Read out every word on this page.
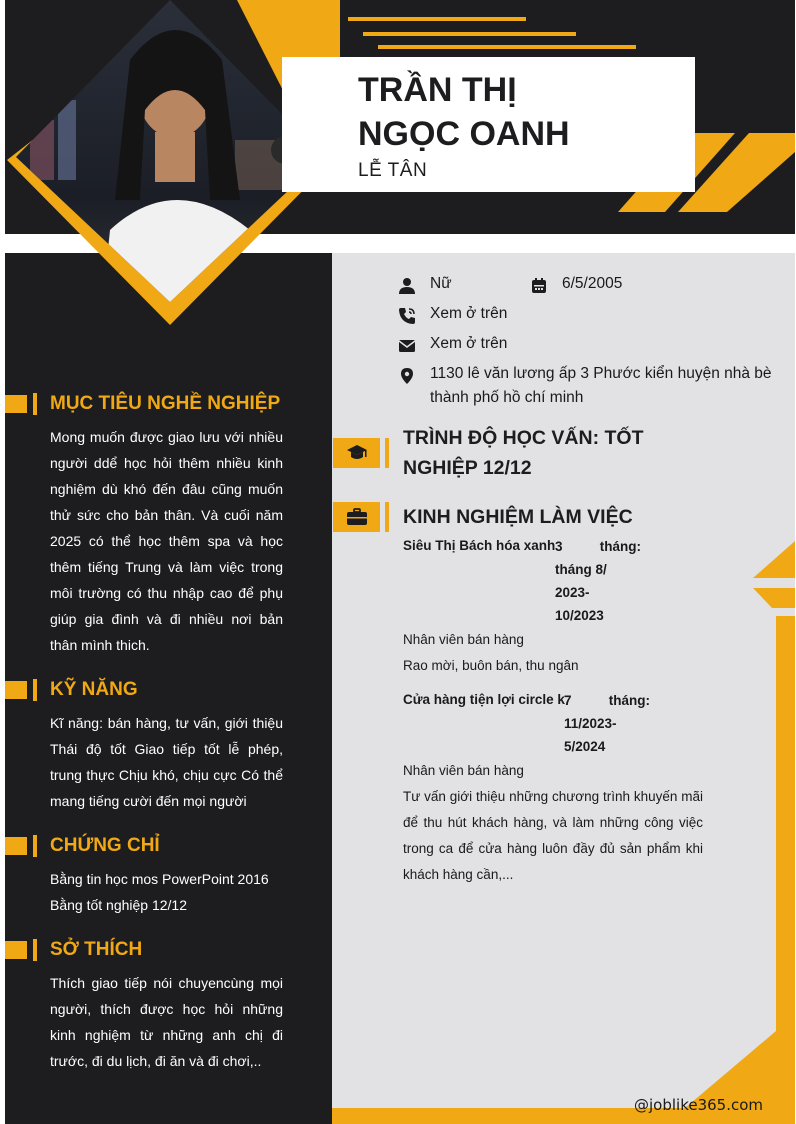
TRẦN THỊ
NGỌC OANH
LỄ TÂN
Nữ	6/5/2005
Xem ở trên
Xem ở trên
1130 lê văn lương ấp 3 Phước kiển huyện nhà bè
thành phố hồ chí minh
MỤC TIÊU NGHỀ NGHIỆP
Mong muốn được giao lưu với nhiều người ddể học hỏi thêm nhiều kinh nghiệm dù khó đến đâu cũng muốn thử sức cho bản thân. Và cuối năm 2025 có thể học thêm spa và học thêm tiếng Trung và làm việc trong môi trường có thu nhập cao để phụ giúp gia đình và đi nhiều nơi bản thân mình thich.
KỸ NĂNG
Kĩ năng: bán hàng, tư vấn, giới thiệu Thái độ tốt Giao tiếp tốt lễ phép, trung thực Chịu khó, chịu cực Có thể mang tiếng cười đến mọi người
CHỨNG CHỈ
Bằng tin học mos PowerPoint 2016
Bằng tốt nghiệp 12/12
SỞ THÍCH
Thích giao tiếp nói chuyencùng mọi người, thích được học hỏi những kinh nghiệm từ những anh chị đi trước, đi du lịch, đi ăn và đi chơi,..
TRÌNH ĐỘ HỌC VẤN: TỐT
NGHIỆP 12/12
KINH NGHIỆM LÀM VIỆC
Siêu Thị Bách hóa xanh 3 tháng: tháng 8/
2023-
10/2023
Nhân viên bán hàng
Rao mời, buôn bán, thu ngân
Cửa hàng tiện lợi circle k 7 tháng:
11/2023-
5/2024
Nhân viên bán hàng
Tư vấn giới thiệu những chương trình khuyến mãi để thu hút khách hàng, và làm những công việc trong ca để cửa hàng luôn đầy đủ sản phẩm khi khách hàng cần,...
@joblike365.com
